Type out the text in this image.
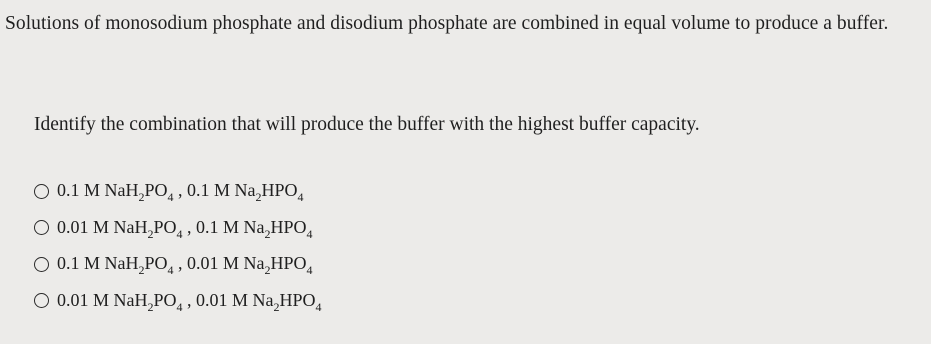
Solutions of monosodium phosphate and disodium phosphate are combined in equal volume to produce a buffer.
Identify the combination that will produce the buffer with the highest buffer capacity.
0.1 M $NaH_2PO_4$ , 0.1 M $Na_2HPO_4$
0.01 M $NaH_2PO_4$ , 0.1 M $Na_2HPO_4$
0.1 M $NaH_2PO_4$ , 0.01 M $Na_2HPO_4$
0.01 M $NaH_2PO_4$ , 0.01 M $Na_2HPO_4$
